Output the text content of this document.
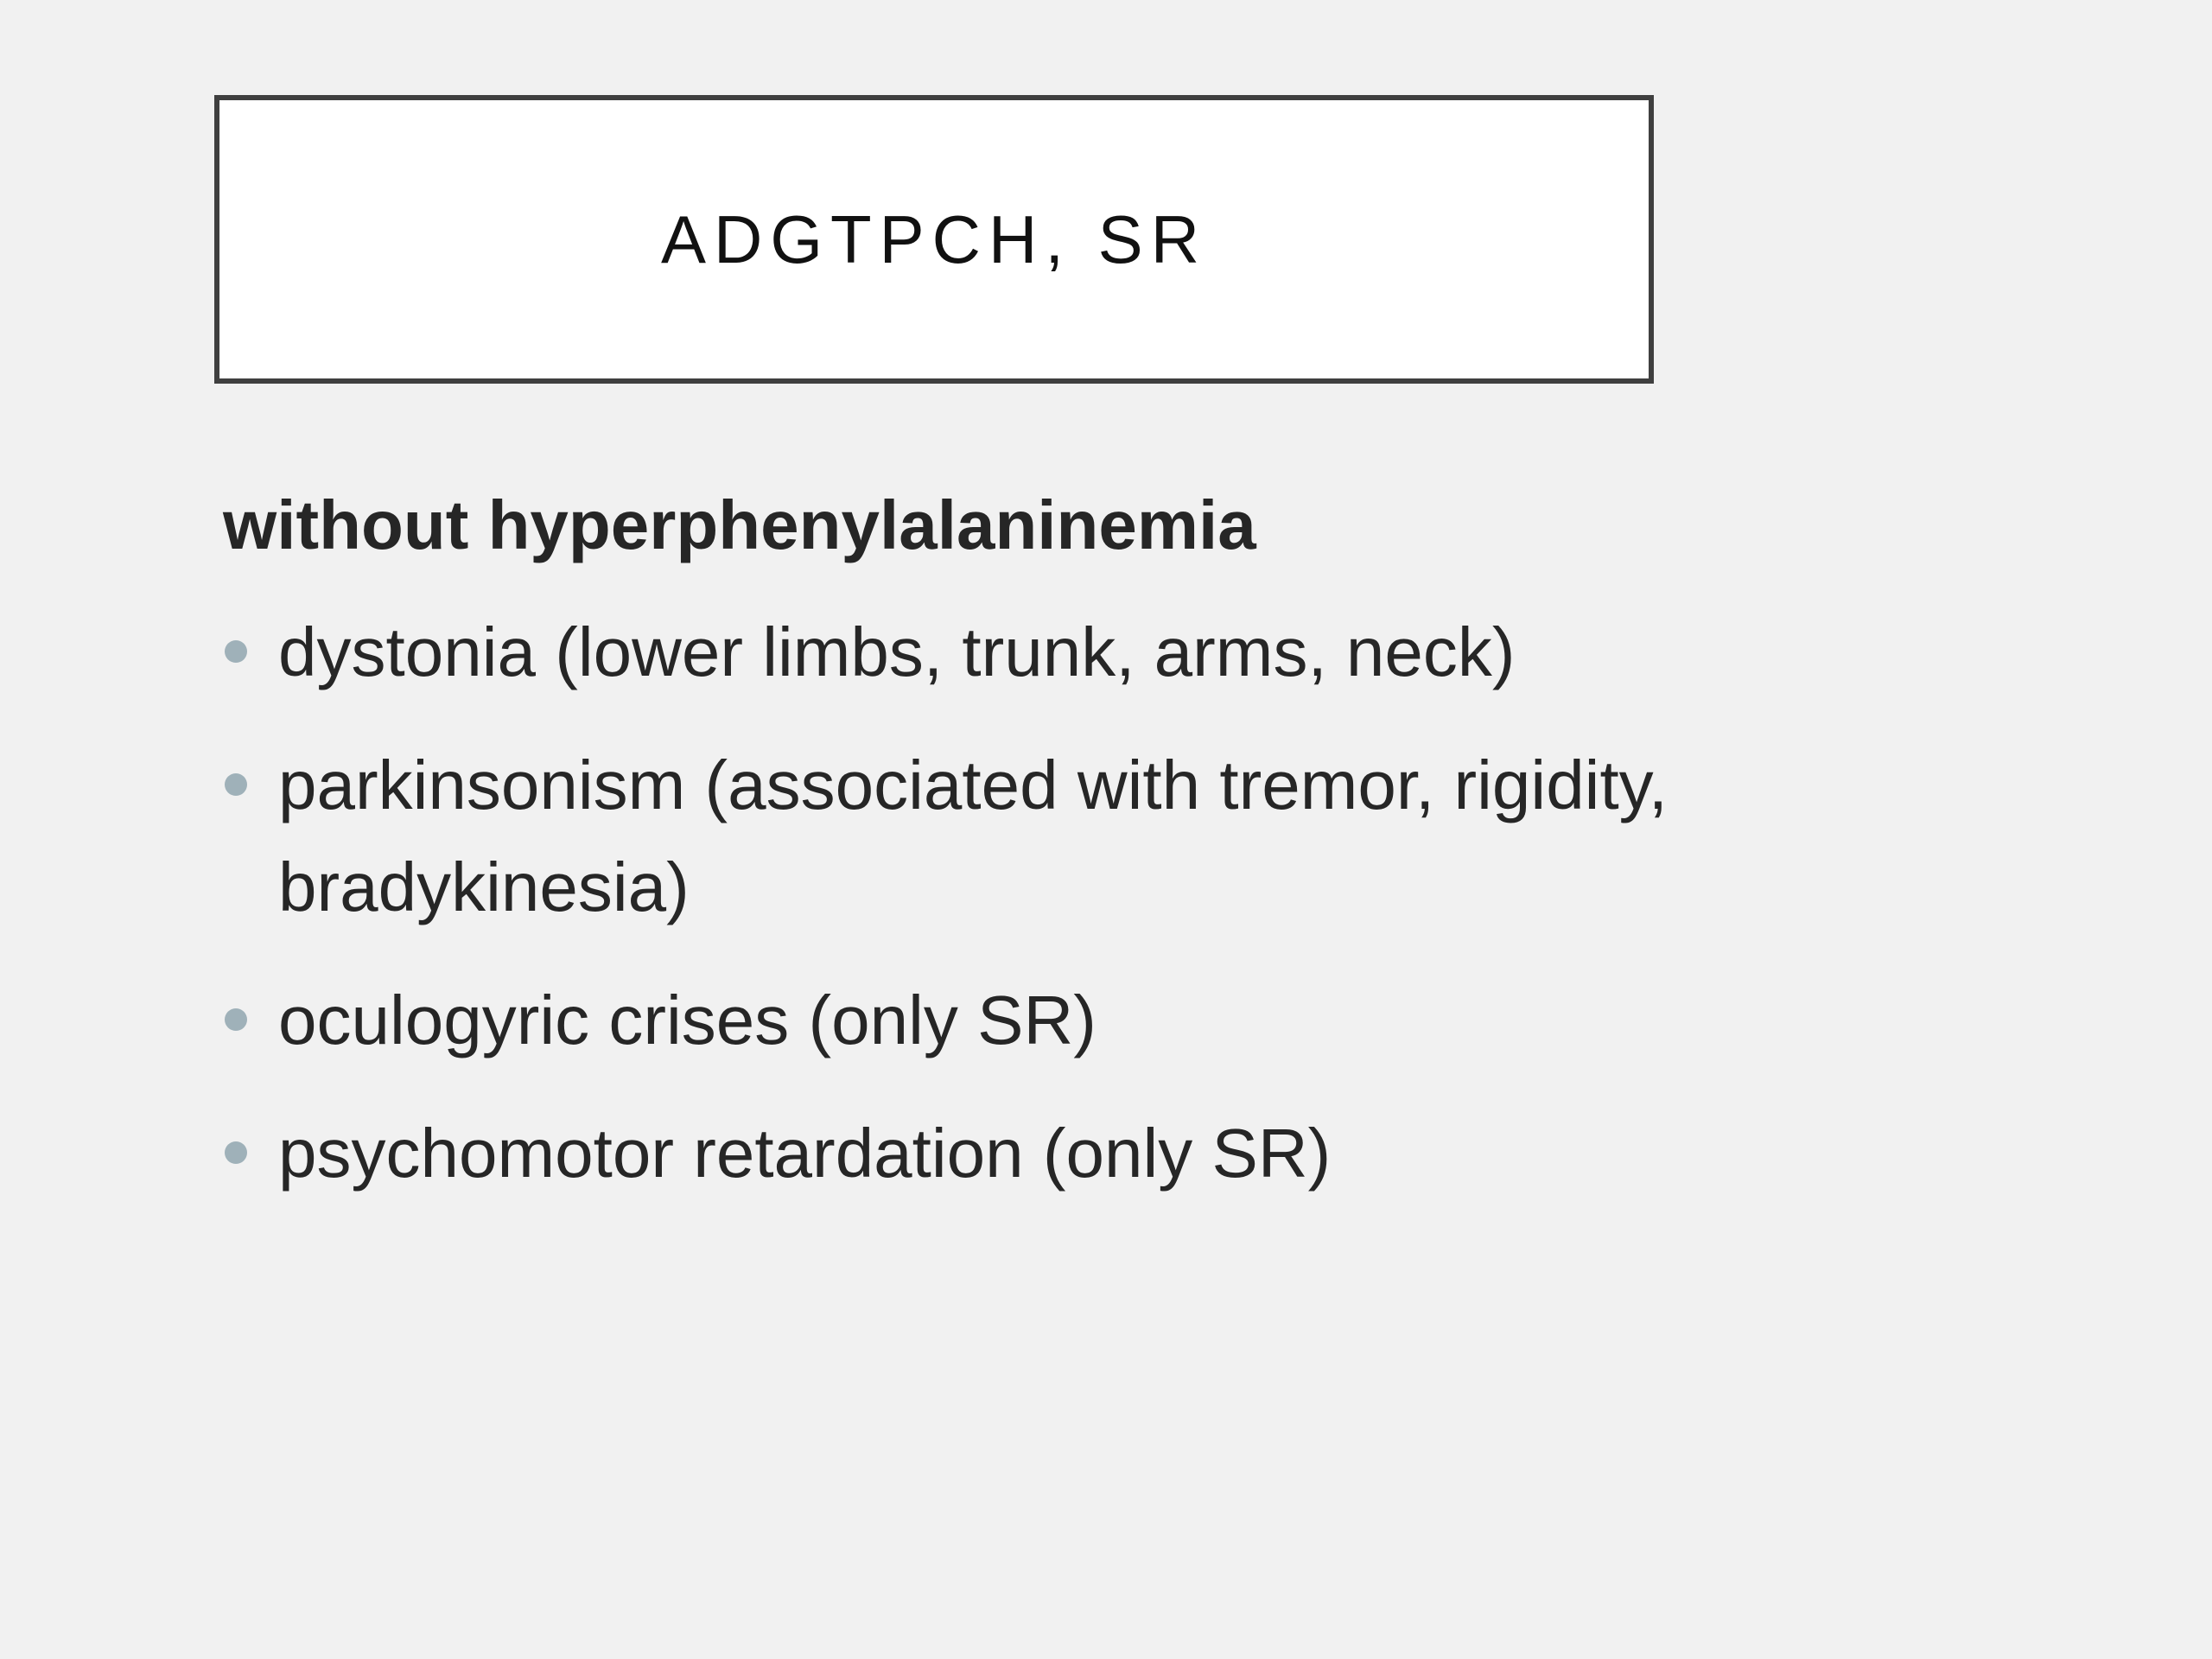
ADGTPCH, SR
without hyperphenylalaninemia
dystonia (lower limbs, trunk, arms, neck)
parkinsonism (associated with tremor, rigidity, bradykinesia)
oculogyric crises (only SR)
psychomotor retardation (only SR)
